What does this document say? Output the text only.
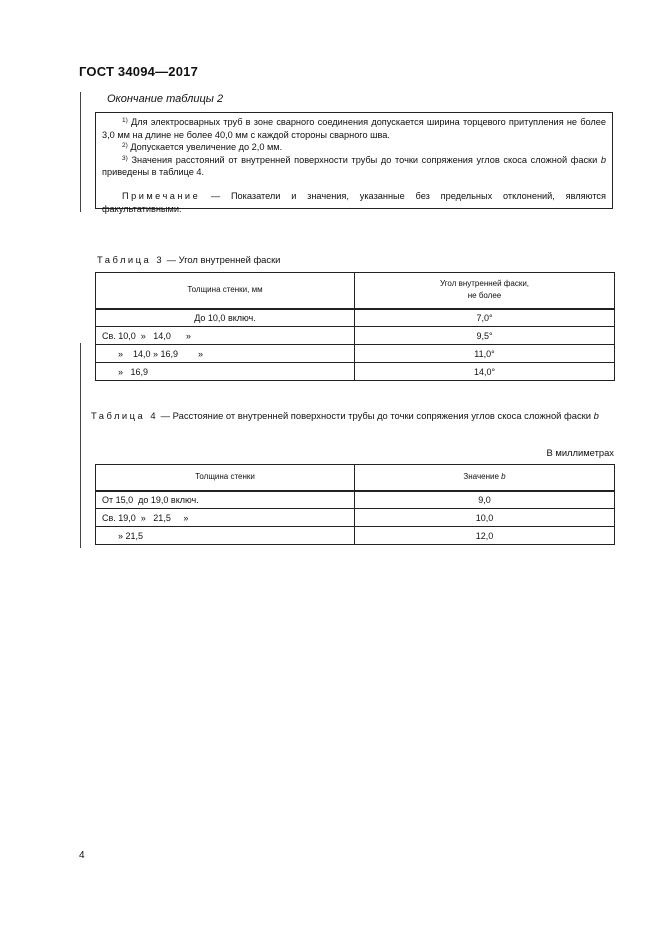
ГОСТ 34094—2017
Окончание таблицы 2

$^{1)}$ Для электросварных труб в зоне сварного соединения допускается ширина торцевого притупления не более 3,0 мм на длине не более 40,0 мм с каждой стороны сварного шва.

$^{2)}$ Допускается увеличение до 2,0 мм.

$^{3)}$ Значения расстояний от внутренней поверхности трубы до точки сопряжения углов скоса сложной фаски b приведены в таблице 4.

Примечание — Показатели и значения, указанные без предельных отклонений, являются факультативными.

Таблица 3 — Угол внутренней фаски
Толщина стенки, мм	Угол внутренней фаски,
не более
До 10,0 включ.	7,0°
Св. 10,0  »   14,0      »	9,5°
»    14,0 » 16,9        »	11,0°
»   16,9	14,0°
Таблица 4 — Расстояние от внутренней поверхности трубы до точки сопряжения углов скоса сложной фаски b
В миллиметрах
Толщина стенки	Значение b
От 15,0  до 19,0 включ.	9,0
Св. 19,0  »   21,5     »	10,0
» 21,5	12,0
4
